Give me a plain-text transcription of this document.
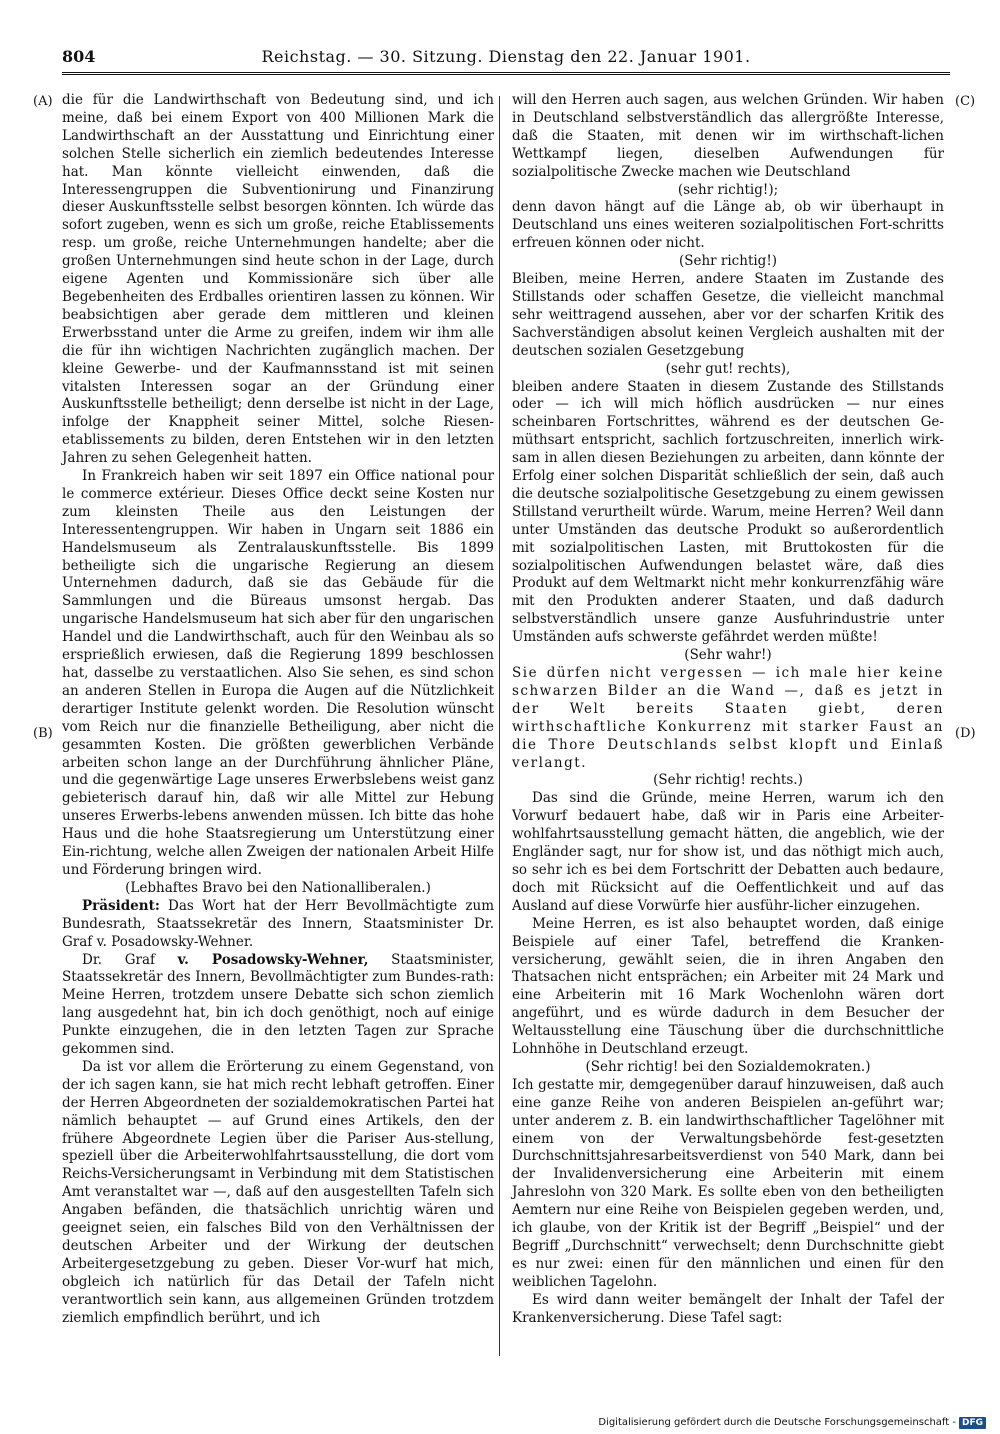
804	Reichstag. — 30. Sitzung. Dienstag den 22. Januar 1901.
(A)
(B)
(C)
(D)

die für die Landwirthschaft von Bedeutung sind, und ich meine, daß bei einem Export von 400 Millionen Mark die Landwirthschaft an der Ausstattung und Einrichtung einer solchen Stelle sicherlich ein ziemlich bedeutendes Interesse hat. Man könnte vielleicht einwenden, daß die Interessengruppen die Subventionirung und Finanzirung dieser Auskunftsstelle selbst besorgen könnten. Ich würde das sofort zugeben, wenn es sich um große, reiche Etablissements resp. um große, reiche Unternehmungen handelte; aber die großen Unternehmungen sind heute schon in der Lage, durch eigene Agenten und Kommissionäre sich über alle Begebenheiten des Erdballes orientiren lassen zu können. Wir beabsichtigen aber gerade dem mittleren und kleinen Erwerbsstand unter die Arme zu greifen, indem wir ihm alle die für ihn wichtigen Nachrichten zugänglich machen. Der kleine Gewerbe- und der Kaufmannsstand ist mit seinen vitalsten Interessen sogar an der Gründung einer Auskunftsstelle betheiligt; denn derselbe ist nicht in der Lage, infolge der Knappheit seiner Mittel, solche Riesen-etablissements zu bilden, deren Entstehen wir in den letzten Jahren zu sehen Gelegenheit hatten.

In Frankreich haben wir seit 1897 ein Office national pour le commerce extérieur. Dieses Office deckt seine Kosten nur zum kleinsten Theile aus den Leistungen der Interessentengruppen. Wir haben in Ungarn seit 1886 ein Handelsmuseum als Zentralauskunftsstelle. Bis 1899 betheiligte sich die ungarische Regierung an diesem Unternehmen dadurch, daß sie das Gebäude für die Sammlungen und die Büreaus umsonst hergab. Das ungarische Handelsmuseum hat sich aber für den ungarischen Handel und die Landwirthschaft, auch für den Weinbau als so ersprießlich erwiesen, daß die Regierung 1899 beschlossen hat, dasselbe zu verstaatlichen. Also Sie sehen, es sind schon an anderen Stellen in Europa die Augen auf die Nützlichkeit derartiger Institute gelenkt worden. Die Resolution wünscht vom Reich nur die finanzielle Betheiligung, aber nicht die gesammten Kosten. Die größten gewerblichen Verbände arbeiten schon lange an der Durchführung ähnlicher Pläne, und die gegenwärtige Lage unseres Erwerbslebens weist ganz gebieterisch darauf hin, daß wir alle Mittel zur Hebung unseres Erwerbs-lebens anwenden müssen. Ich bitte das hohe Haus und die hohe Staatsregierung um Unterstützung einer Ein-richtung, welche allen Zweigen der nationalen Arbeit Hilfe und Förderung bringen wird.

(Lebhaftes Bravo bei den Nationalliberalen.)

Präsident: Das Wort hat der Herr Bevollmächtigte zum Bundesrath, Staatssekretär des Innern, Staatsminister Dr. Graf v. Posadowsky-Wehner.

Dr. Graf v. Posadowsky-Wehner, Staatsminister, Staatssekretär des Innern, Bevollmächtigter zum Bundes-rath: Meine Herren, trotzdem unsere Debatte sich schon ziemlich lang ausgedehnt hat, bin ich doch genöthigt, noch auf einige Punkte einzugehen, die in den letzten Tagen zur Sprache gekommen sind.

Da ist vor allem die Erörterung zu einem Gegenstand, von der ich sagen kann, sie hat mich recht lebhaft getroffen. Einer der Herren Abgeordneten der sozialdemokratischen Partei hat nämlich behauptet — auf Grund eines Artikels, den der frühere Abgeordnete Legien über die Pariser Aus-stellung, speziell über die Arbeiterwohlfahrtsausstellung, die dort vom Reichs-Versicherungsamt in Verbindung mit dem Statistischen Amt veranstaltet war —, daß auf den ausgestellten Tafeln sich Angaben befänden, die thatsächlich unrichtig wären und geeignet seien, ein falsches Bild von den Verhältnissen der deutschen Arbeiter und der Wirkung der deutschen Arbeitergesetzgebung zu geben. Dieser Vor-wurf hat mich, obgleich ich natürlich für das Detail der Tafeln nicht verantwortlich sein kann, aus allgemeinen Gründen trotzdem ziemlich empfindlich berührt, und ich

will den Herren auch sagen, aus welchen Gründen. Wir haben in Deutschland selbstverständlich das allergrößte Interesse, daß die Staaten, mit denen wir im wirthschaft-lichen Wettkampf liegen, dieselben Aufwendungen für sozialpolitische Zwecke machen wie Deutschland

(sehr richtig!);

denn davon hängt auf die Länge ab, ob wir überhaupt in Deutschland uns eines weiteren sozialpolitischen Fort-schritts erfreuen können oder nicht.

(Sehr richtig!)

Bleiben, meine Herren, andere Staaten im Zustande des Stillstands oder schaffen Gesetze, die vielleicht manchmal sehr weittragend aussehen, aber vor der scharfen Kritik des Sachverständigen absolut keinen Vergleich aushalten mit der deutschen sozialen Gesetzgebung

(sehr gut! rechts),

bleiben andere Staaten in diesem Zustande des Stillstands oder — ich will mich höflich ausdrücken — nur eines scheinbaren Fortschrittes, während es der deutschen Ge-müthsart entspricht, sachlich fortzuschreiten, innerlich wirk-sam in allen diesen Beziehungen zu arbeiten, dann könnte der Erfolg einer solchen Disparität schließlich der sein, daß auch die deutsche sozialpolitische Gesetzgebung zu einem gewissen Stillstand verurtheilt würde. Warum, meine Herren? Weil dann unter Umständen das deutsche Produkt so außerordentlich mit sozialpolitischen Lasten, mit Bruttokosten für die sozialpolitischen Aufwendungen belastet wäre, daß dies Produkt auf dem Weltmarkt nicht mehr konkurrenzfähig wäre mit den Produkten anderer Staaten, und daß dadurch selbstverständlich unsere ganze Ausfuhrindustrie unter Umständen aufs schwerste gefährdet werden müßte!

(Sehr wahr!)

Sie dürfen nicht vergessen — ich male hier keine schwarzen Bilder an die Wand —, daß es jetzt in der Welt bereits Staaten giebt, deren wirthschaftliche Konkurrenz mit starker Faust an die Thore Deutschlands selbst klopft und Einlaß verlangt.

(Sehr richtig! rechts.)

Das sind die Gründe, meine Herren, warum ich den Vorwurf bedauert habe, daß wir in Paris eine Arbeiter-wohlfahrtsausstellung gemacht hätten, die angeblich, wie der Engländer sagt, nur for show ist, und das nöthigt mich auch, so sehr ich es bei dem Fortschritt der Debatten auch bedaure, doch mit Rücksicht auf die Oeffentlichkeit und auf das Ausland auf diese Vorwürfe hier ausführ-licher einzugehen.

Meine Herren, es ist also behauptet worden, daß einige Beispiele auf einer Tafel, betreffend die Kranken-versicherung, gewählt seien, die in ihren Angaben den Thatsachen nicht entsprächen; ein Arbeiter mit 24 Mark und eine Arbeiterin mit 16 Mark Wochenlohn wären dort angeführt, und es würde dadurch in dem Besucher der Weltausstellung eine Täuschung über die durchschnittliche Lohnhöhe in Deutschland erzeugt.

(Sehr richtig! bei den Sozialdemokraten.)

Ich gestatte mir, demgegenüber darauf hinzuweisen, daß auch eine ganze Reihe von anderen Beispielen an-geführt war; unter anderem z. B. ein landwirthschaftlicher Tagelöhner mit einem von der Verwaltungsbehörde fest-gesetzten Durchschnittsjahresarbeitsverdienst von 540 Mark, dann bei der Invalidenversicherung eine Arbeiterin mit einem Jahreslohn von 320 Mark. Es sollte eben von den betheiligten Aemtern nur eine Reihe von Beispielen gegeben werden, und, ich glaube, von der Kritik ist der Begriff „Beispiel“ und der Begriff „Durchschnitt“ verwechselt; denn Durchschnitte giebt es nur zwei: einen für den männlichen und einen für den weiblichen Tagelohn.

Es wird dann weiter bemängelt der Inhalt der Tafel der Krankenversicherung. Diese Tafel sagt:

Digitalisierung gefördert durch die Deutsche Forschungsgemeinschaft - DFG
